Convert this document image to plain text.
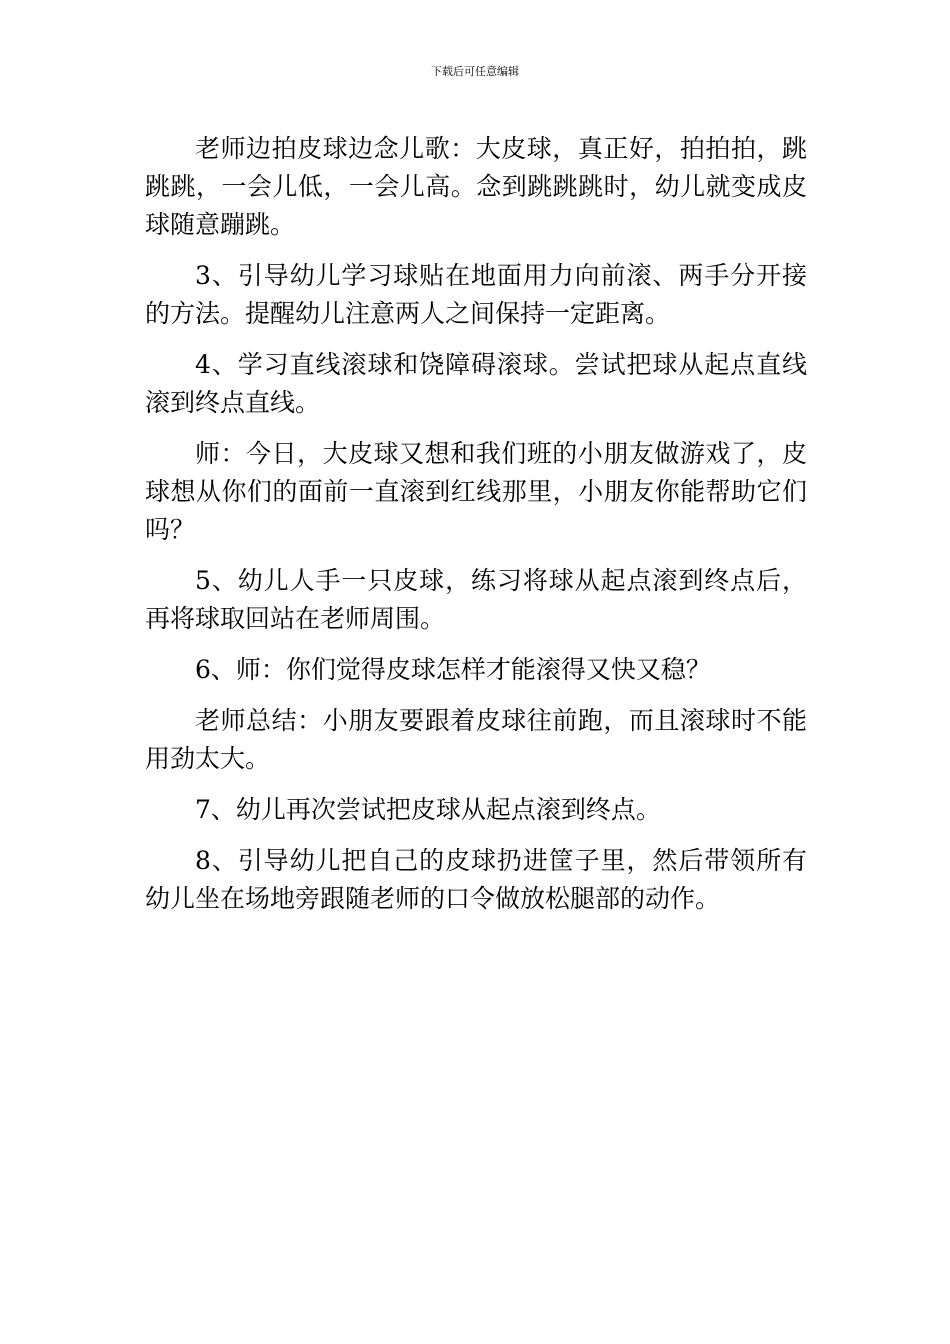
下载后可任意编辑

老师边拍皮球边念儿歌：大皮球，真正好，拍拍拍，跳跳跳，一会儿低，一会儿高。念到跳跳跳时，幼儿就变成皮球随意蹦跳。

3、引导幼儿学习球贴在地面用力向前滚、两手分开接的方法。提醒幼儿注意两人之间保持一定距离。

4、学习直线滚球和饶障碍滚球。尝试把球从起点直线滚到终点直线。

师：今日，大皮球又想和我们班的小朋友做游戏了，皮球想从你们的面前一直滚到红线那里，小朋友你能帮助它们吗？

5、幼儿人手一只皮球，练习将球从起点滚到终点后，再将球取回站在老师周围。

6、师：你们觉得皮球怎样才能滚得又快又稳？

老师总结：小朋友要跟着皮球往前跑，而且滚球时不能用劲太大。

7、幼儿再次尝试把皮球从起点滚到终点。

8、引导幼儿把自己的皮球扔进筐子里，然后带领所有幼儿坐在场地旁跟随老师的口令做放松腿部的动作。
